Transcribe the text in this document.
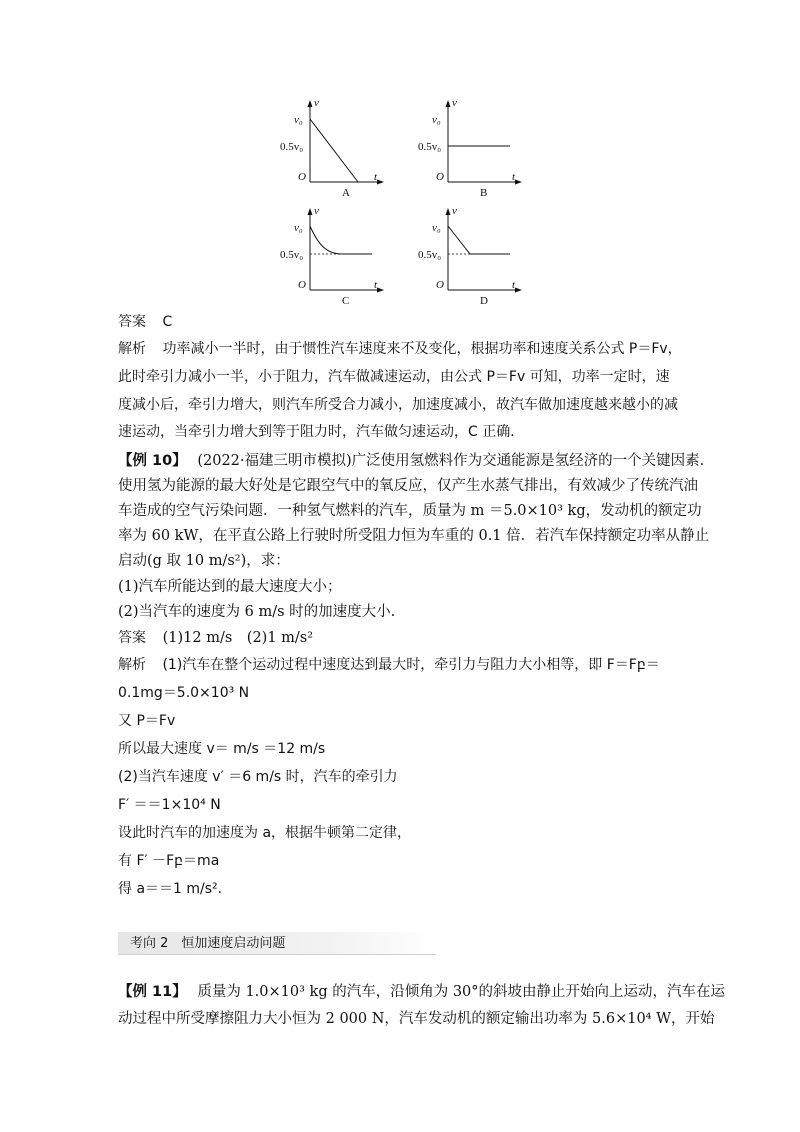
v
v₀
0.5v₀
O	t
A
v
v₀
0.5v₀
O	t
B
v
v₀
0.5v₀
O	t
C
v
v₀
0.5v₀
O	t
D
答案 C
解析 功率减小一半时，由于惯性汽车速度来不及变化，根据功率和速度关系公式 P＝Fv，
此时牵引力减小一半，小于阻力，汽车做减速运动，由公式 P＝Fv 可知，功率一定时，速
度减小后，牵引力增大，则汽车所受合力减小，加速度减小，故汽车做加速度越来越小的减
速运动，当牵引力增大到等于阻力时，汽车做匀速运动，C 正确．
【例 10】 (2022·福建三明市模拟)广泛使用氢燃料作为交通能源是氢经济的一个关键因素．
使用氢为能源的最大好处是它跟空气中的氧反应，仅产生水蒸气排出，有效减少了传统汽油
车造成的空气污染问题．一种氢气燃料的汽车，质量为 m ＝5.0×10³ kg，发动机的额定功
率为 60 kW，在平直公路上行驶时所受阻力恒为车重的 0.1 倍．若汽车保持额定功率从静止
启动(g 取 10 m/s²)，求：
(1)汽车所能达到的最大速度大小；
(2)当汽车的速度为 6 m/s 时的加速度大小.
答案 (1)12 m/s　(2)1 m/s²
解析 (1)汽车在整个运动过程中速度达到最大时，牵引力与阻力大小相等，即 F＝Fբ＝
0.1mg＝5.0×10³ N
又 P＝Fv
所以最大速度 v＝ m/s ＝12 m/s
(2)当汽车速度 v′ ＝6 m/s 时，汽车的牵引力
F′ ＝＝1×10⁴ N
设此时汽车的加速度为 a，根据牛顿第二定律，
有 F′ －Fբ＝ma
得 a＝＝1 m/s².
考向 2　恒加速度启动问题
【例 11】 质量为 1.0×10³ kg 的汽车，沿倾角为 30°的斜坡由静止开始向上运动，汽车在运
动过程中所受摩擦阻力大小恒为 2 000 N，汽车发动机的额定输出功率为 5.6×10⁴ W，开始
